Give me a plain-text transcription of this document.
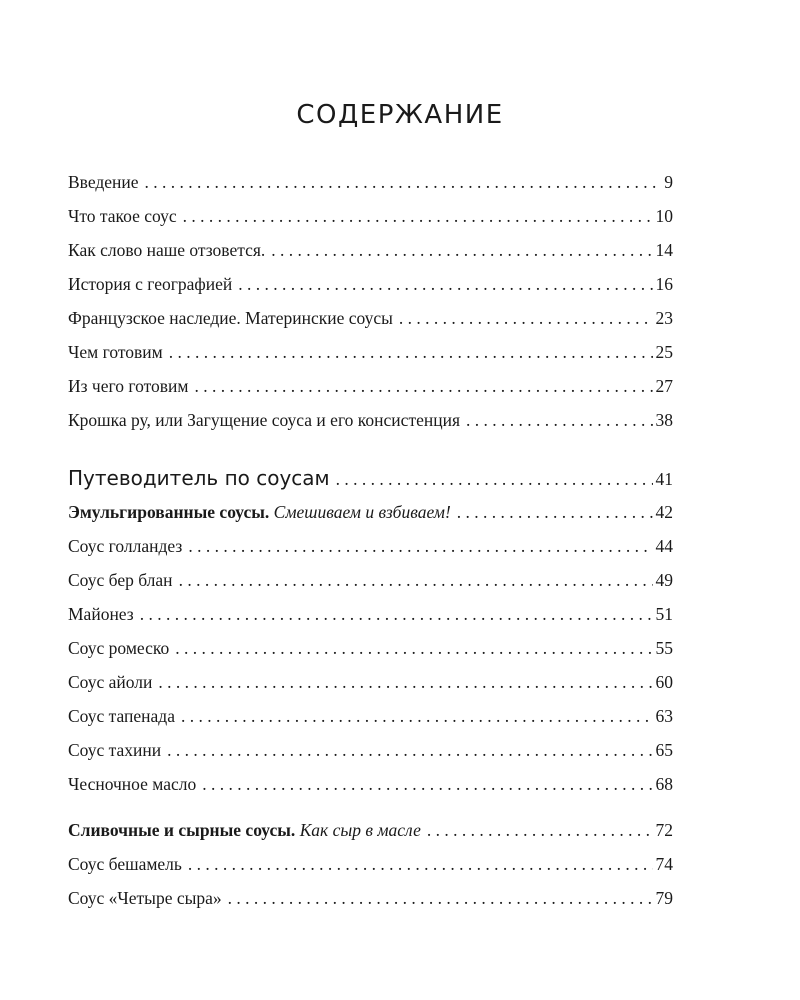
СОДЕРЖАНИЕ
Введение . . .	9
Что такое соус . . .	10
Как слово наше отзовется. . . .	14
История с географией . . .	16
Французское наследие. Материнские соусы . . .	23
Чем готовим . . .	25
Из чего готовим . . .	27
Крошка ру, или Загущение соуса и его консистенция . . .	38
Путеводитель по соусам . . .	41
Эмульгированные соусы. Смешиваем и взбиваем! . . .	42
Соус голландез . . .	44
Соус бер блан . . .	49
Майонез . . .	51
Соус ромеско . . .	55
Соус айоли . . .	60
Соус тапенада . . .	63
Соус тахини . . .	65
Чесночное масло . . .	68
Сливочные и сырные соусы. Как сыр в масле . . .	72
Соус бешамель . . .	74
Соус «Четыре сыра» . . .	79
